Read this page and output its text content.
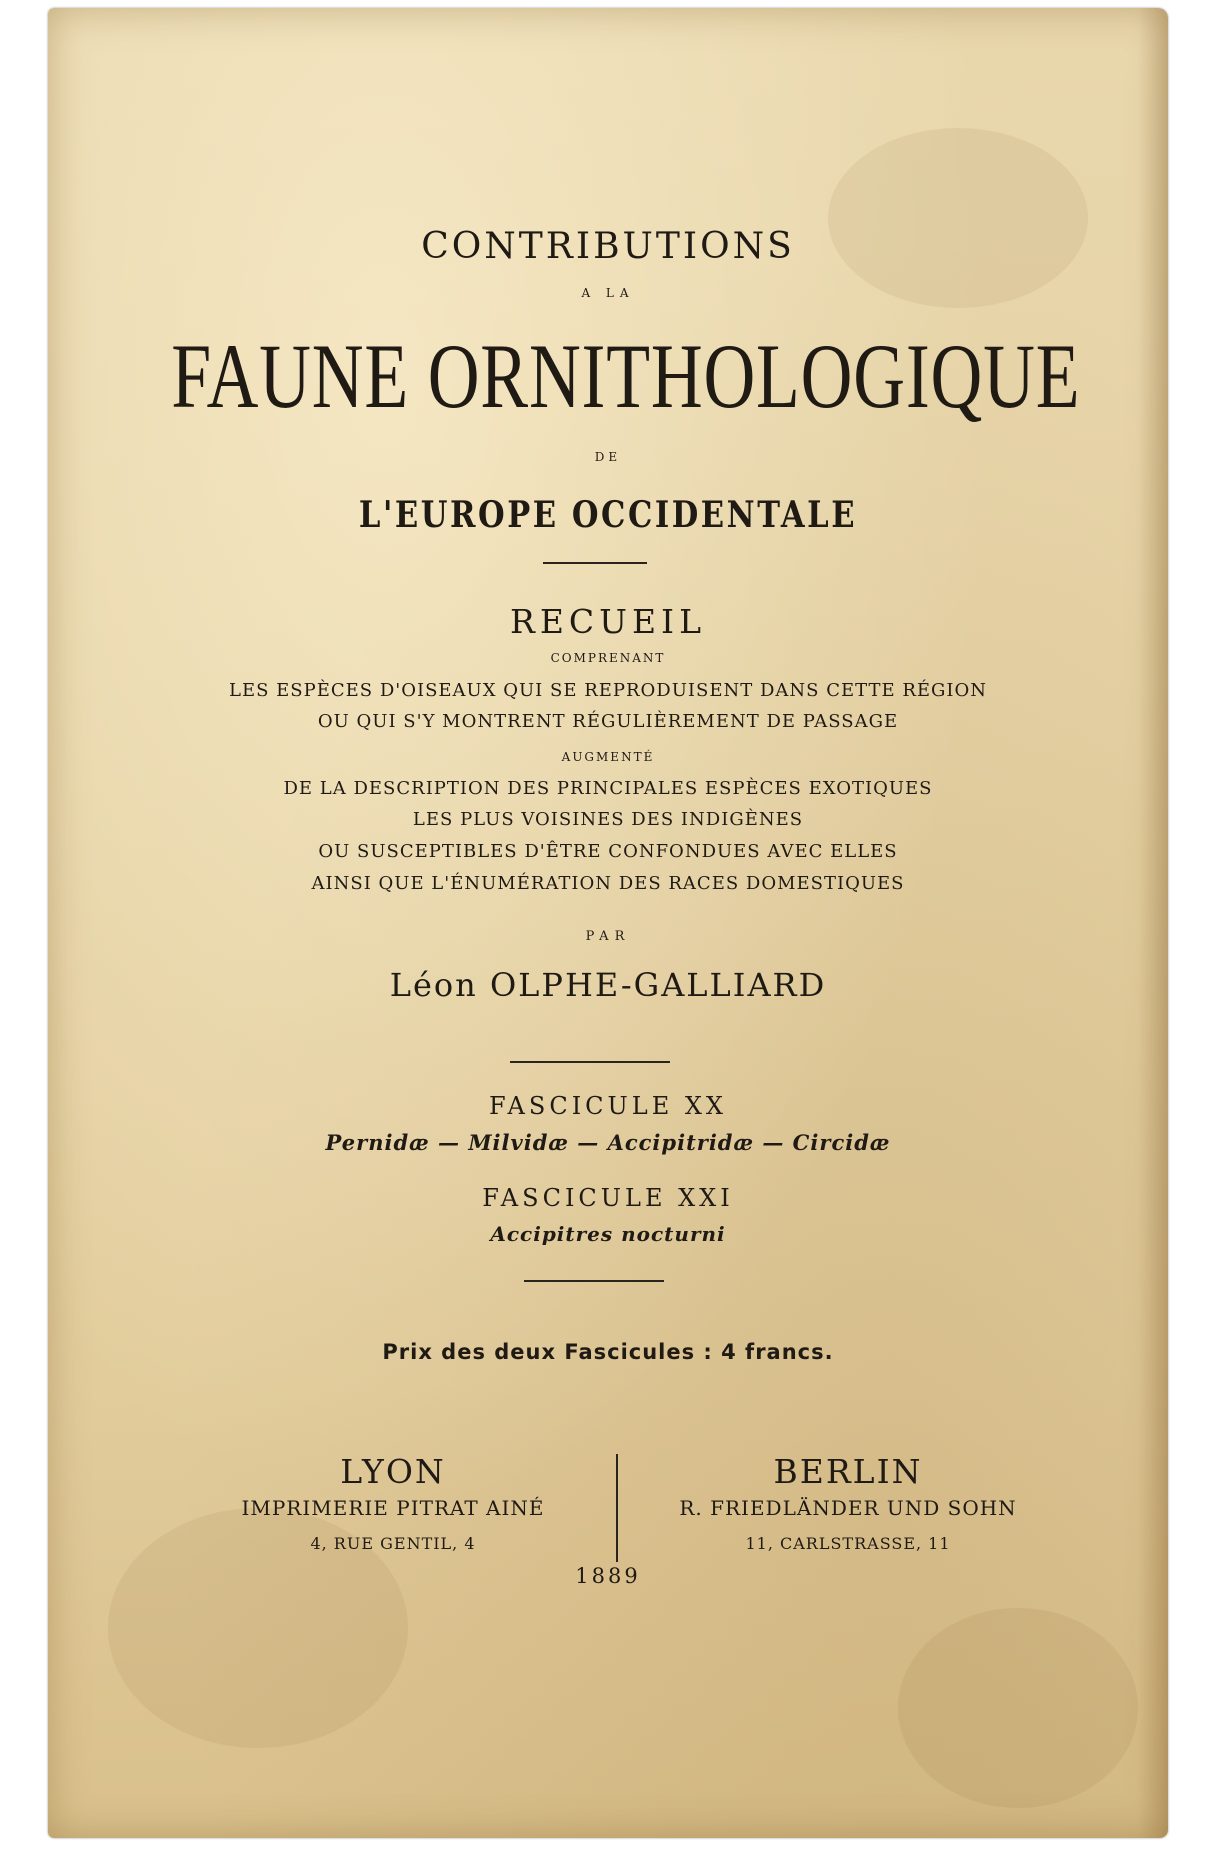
CONTRIBUTIONS
A LA
FAUNE ORNITHOLOGIQUE
DE
L'EUROPE OCCIDENTALE
RECUEIL
COMPRENANT
LES ESPÈCES D'OISEAUX QUI SE REPRODUISENT DANS CETTE RÉGION
OU QUI S'Y MONTRENT RÉGULIÈREMENT DE PASSAGE
AUGMENTÉ
DE LA DESCRIPTION DES PRINCIPALES ESPÈCES EXOTIQUES
LES PLUS VOISINES DES INDIGÈNES
OU SUSCEPTIBLES D'ÊTRE CONFONDUES AVEC ELLES
AINSI QUE L'ÉNUMÉRATION DES RACES DOMESTIQUES
PAR
Léon OLPHE-GALLIARD
FASCICULE XX
Pernidæ — Milvidæ — Accipitridæ — Circidæ
FASCICULE XXI
Accipitres nocturni
Prix des deux Fascicules : 4 francs.
LYON
IMPRIMERIE PITRAT AINÉ
4, RUE GENTIL, 4
BERLIN
R. FRIEDLÄNDER UND SOHN
11, CARLSTRASSE, 11
1889
